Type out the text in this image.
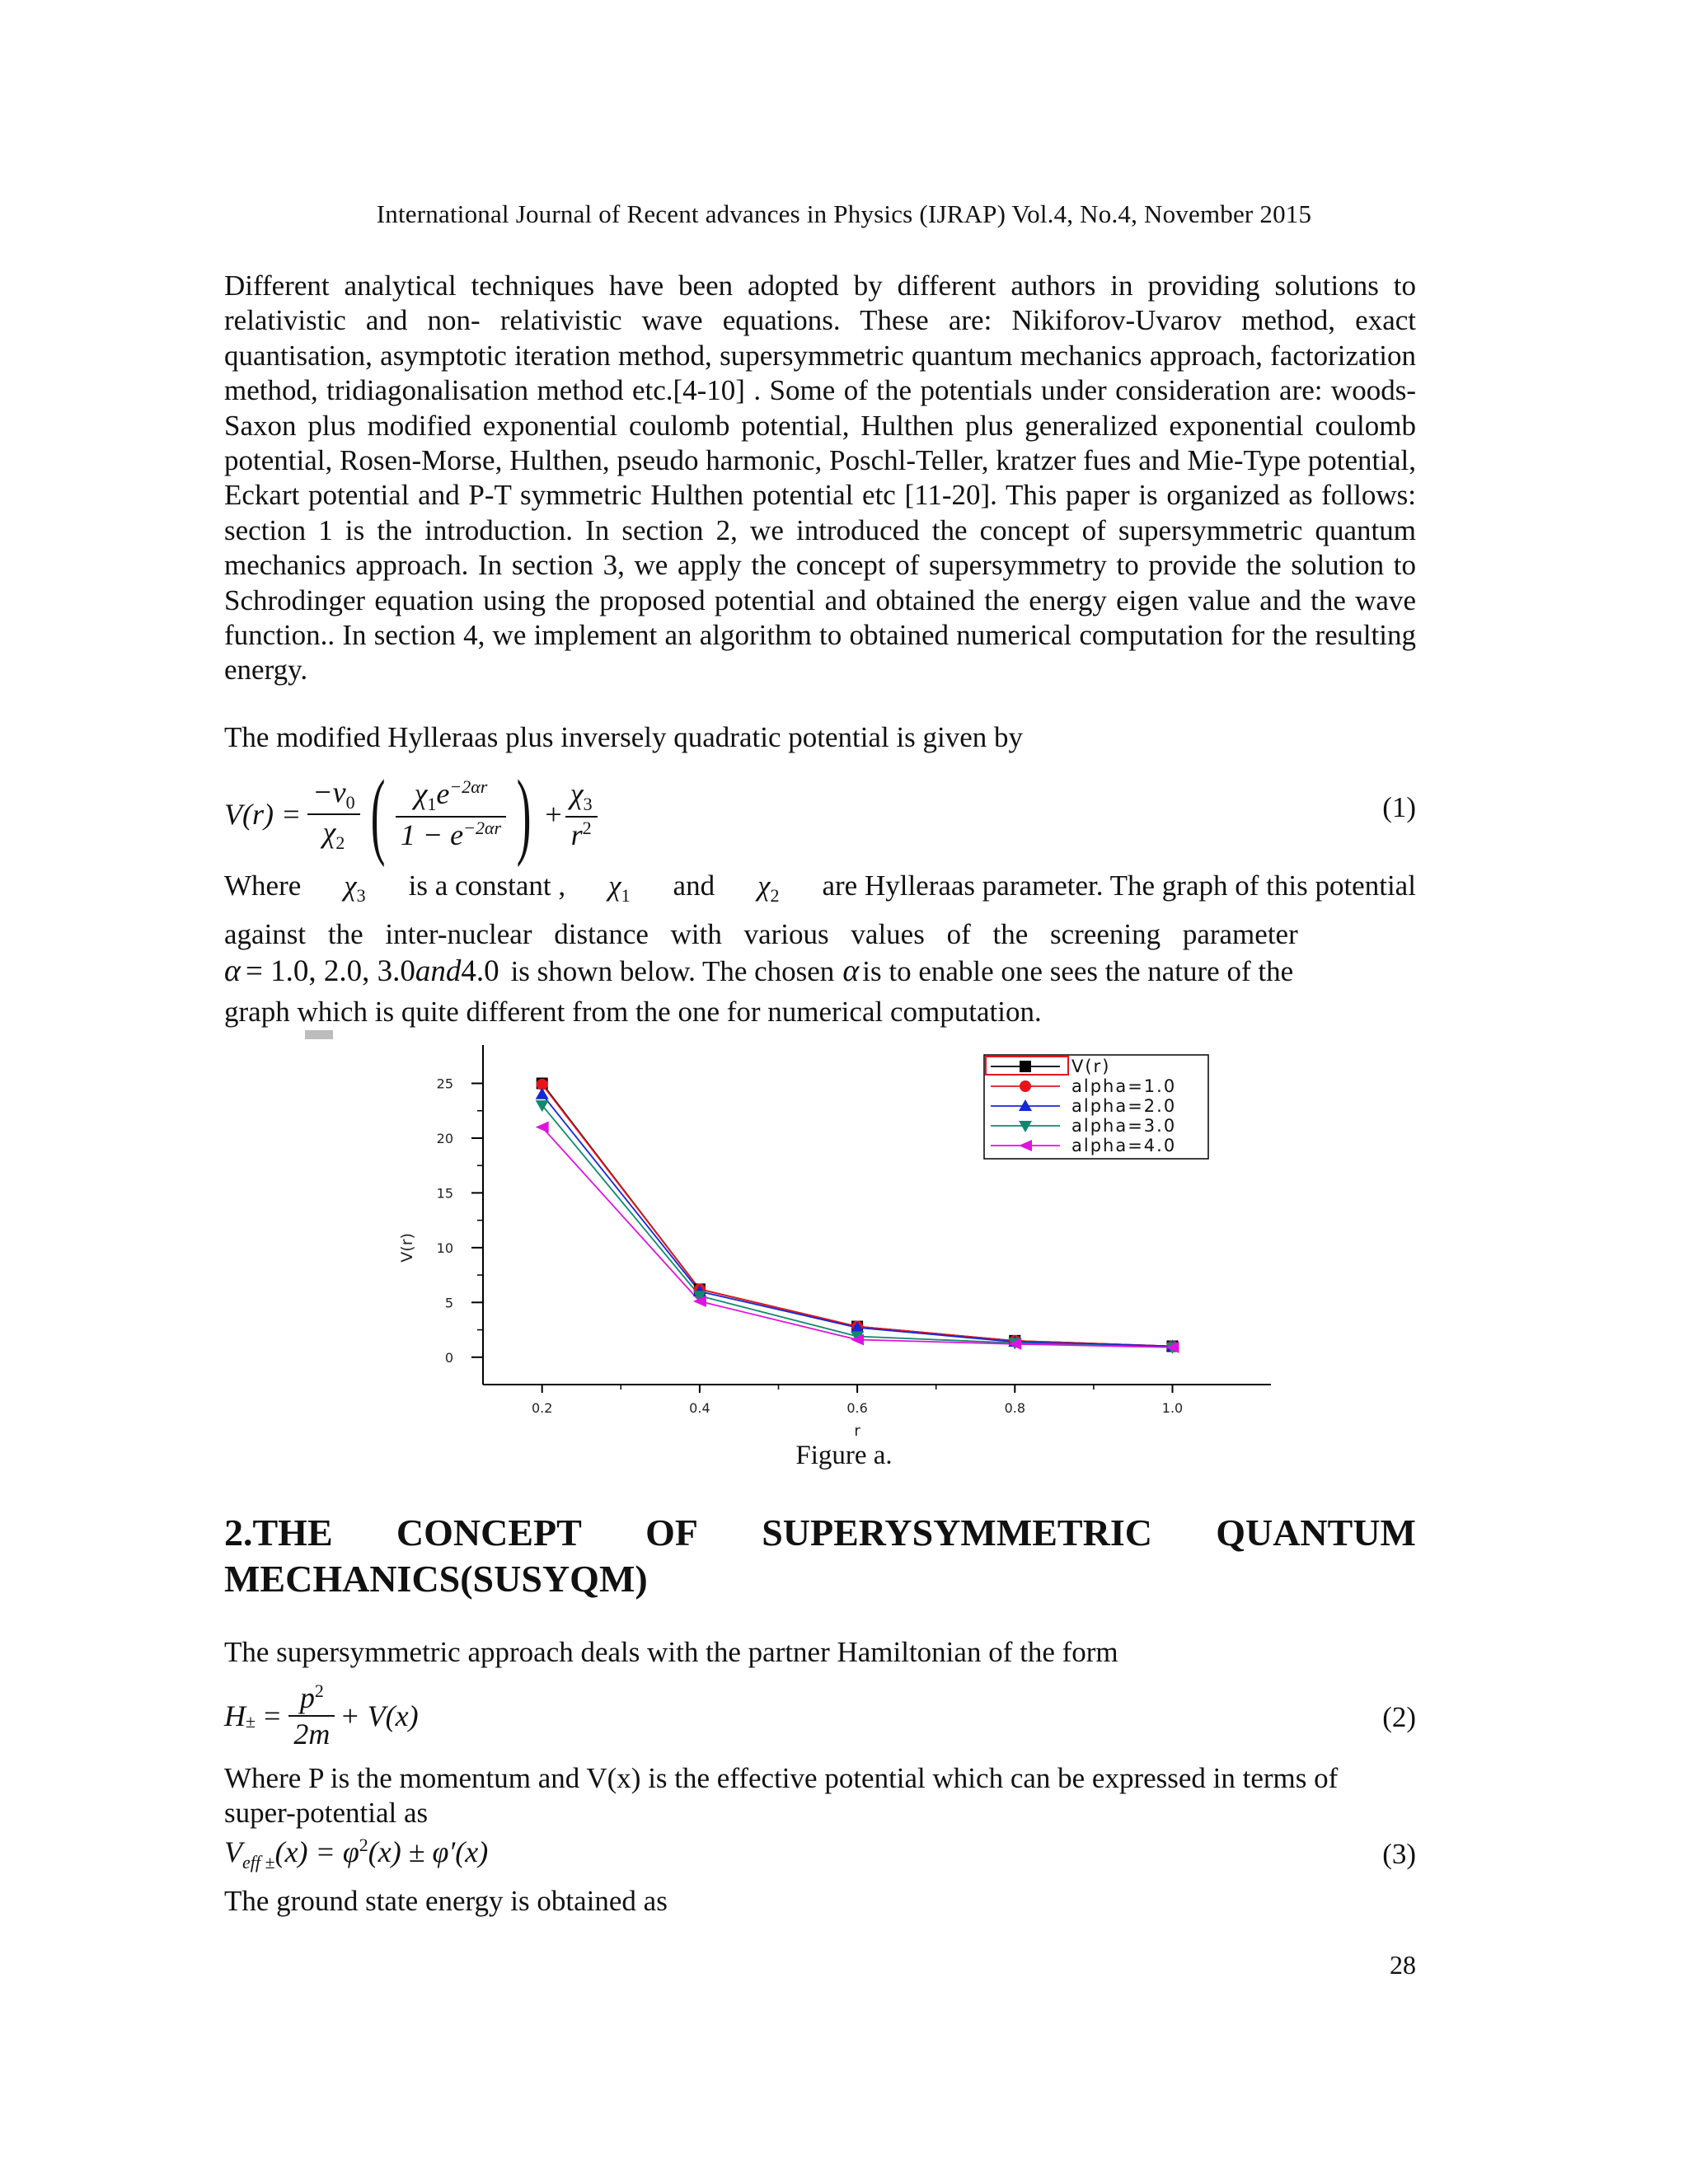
International Journal of Recent advances in Physics (IJRAP) Vol.4, No.4, November 2015
Different analytical techniques have been adopted by different authors in providing solutions to relativistic and non- relativistic wave equations. These are: Nikiforov-Uvarov method, exact quantisation, asymptotic iteration method, supersymmetric quantum mechanics approach, factorization method, tridiagonalisation method etc.[4-10] . Some of the potentials under consideration are: woods-Saxon plus modified exponential coulomb potential, Hulthen plus generalized exponential coulomb potential, Rosen-Morse, Hulthen, pseudo harmonic, Poschl-Teller, kratzer fues and Mie-Type potential, Eckart potential and P-T symmetric Hulthen potential etc [11-20]. This paper is organized as follows: section 1 is the introduction. In section 2, we introduced the concept of supersymmetric quantum mechanics approach. In section 3, we apply the concept of supersymmetry to provide the solution to Schrodinger equation using the proposed potential and obtained the energy eigen value and the wave function.. In section 4, we implement an algorithm to obtained numerical computation for the resulting energy.
The modified Hylleraas plus inversely quadratic potential is given by
$V(r) = \frac{-v_0}{\chi_2}$ ( $\frac{\chi_1e^{-2\alpha r}}{1 - e^{-2\alpha r}}$ ) + $\frac{\chi_3}{r^2}$	(1)
Where $\chi_3$ is a constant , $\chi_1$ and $\chi_2$ are Hylleraas parameter. The graph of this potential
against the inter-nuclear distance with various values of the screening parameter
α = 1.0, 2.0, 3.0 and 4.0 is shown below. The chosen α is to enable one sees the nature of the
graph which is quite different from the one for numerical computation.
0
5
10
15
20
25
0.2	0.4	0.6	0.8	1.0
r
V(r)
V(r)
alpha=1.0
alpha=2.0
alpha=3.0
alpha=4.0
Figure a.
2.THE CONCEPT OF SUPERYSYMMETRIC QUANTUM
MECHANICS(SUSYQM)
The supersymmetric approach deals with the partner Hamiltonian of the form
H ± = $\frac{p^2}{2m} + V(x)$	(2)
Where P is the momentum and V(x) is the effective potential which can be expressed in terms of
super-potential as
$V_{eff \pm}(x) = \varphi^2(x) \pm \varphi'(x)$	(3)
The ground state energy is obtained as
28
